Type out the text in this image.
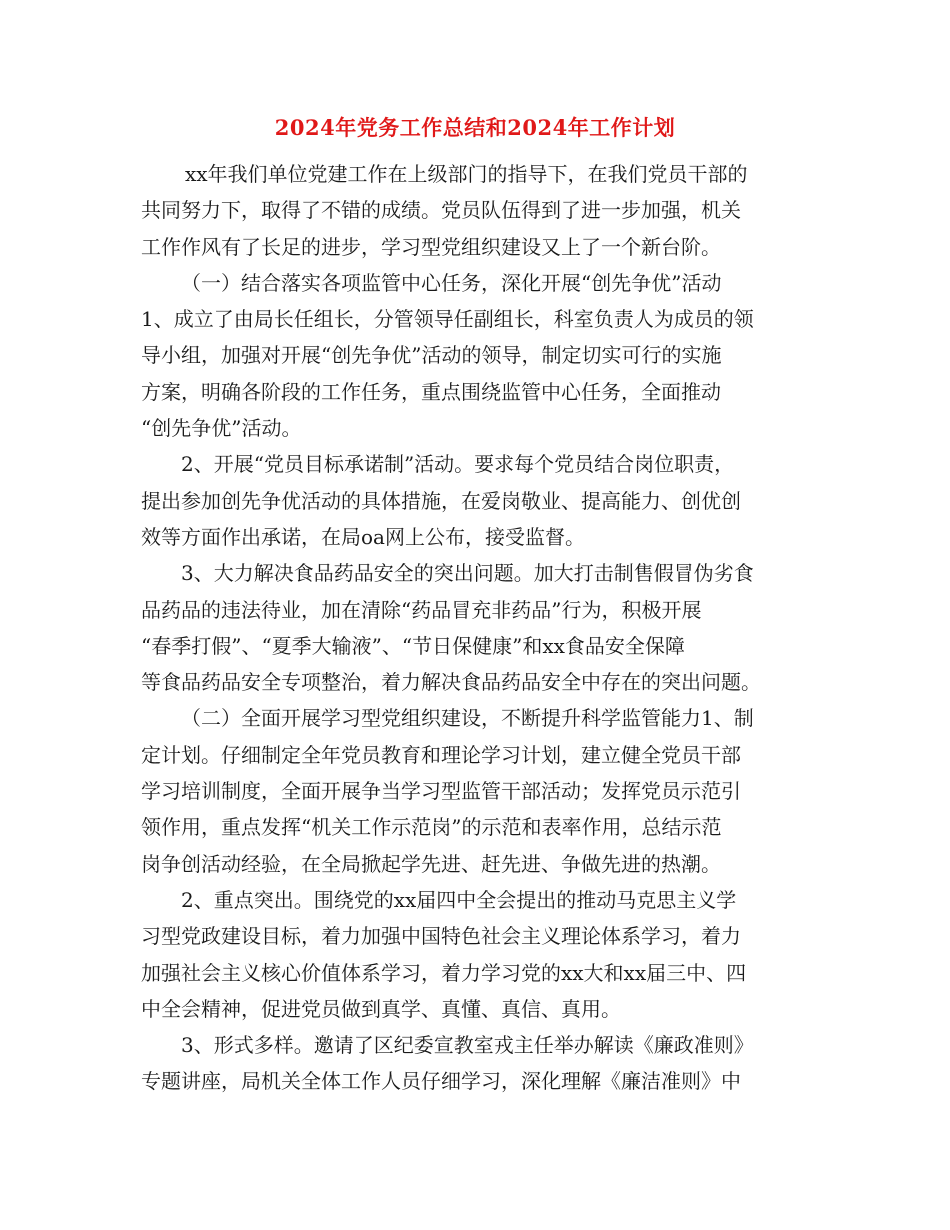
2024年党务工作总结和2024年工作计划
xx年我们单位党建工作在上级部门的指导下，在我们党员干部的
共同努力下，取得了不错的成绩。党员队伍得到了进一步加强，机关
工作作风有了长足的进步，学习型党组织建设又上了一个新台阶。
（一）结合落实各项监管中心任务，深化开展“创先争优”活动
1、成立了由局长任组长，分管领导任副组长，科室负责人为成员的领
导小组，加强对开展“创先争优”活动的领导，制定切实可行的实施
方案，明确各阶段的工作任务，重点围绕监管中心任务，全面推动
“创先争优”活动。
2、开展“党员目标承诺制”活动。要求每个党员结合岗位职责，
提出参加创先争优活动的具体措施，在爱岗敬业、提高能力、创优创
效等方面作出承诺，在局oa网上公布，接受监督。
3、大力解决食品药品安全的突出问题。加大打击制售假冒伪劣食
品药品的违法待业，加在清除“药品冒充非药品”行为，积极开展
“春季打假”、“夏季大输液”、“节日保健康”和xx食品安全保障
等食品药品安全专项整治，着力解决食品药品安全中存在的突出问题。
（二）全面开展学习型党组织建设，不断提升科学监管能力1、制
定计划。仔细制定全年党员教育和理论学习计划，建立健全党员干部
学习培训制度，全面开展争当学习型监管干部活动；发挥党员示范引
领作用，重点发挥“机关工作示范岗”的示范和表率作用，总结示范
岗争创活动经验，在全局掀起学先进、赶先进、争做先进的热潮。
2、重点突出。围绕党的xx届四中全会提出的推动马克思主义学
习型党政建设目标，着力加强中国特色社会主义理论体系学习，着力
加强社会主义核心价值体系学习，着力学习党的xx大和xx届三中、四
中全会精神，促进党员做到真学、真懂、真信、真用。
3、形式多样。邀请了区纪委宣教室戎主任举办解读《廉政准则》
专题讲座，局机关全体工作人员仔细学习，深化理解《廉洁准则》中
